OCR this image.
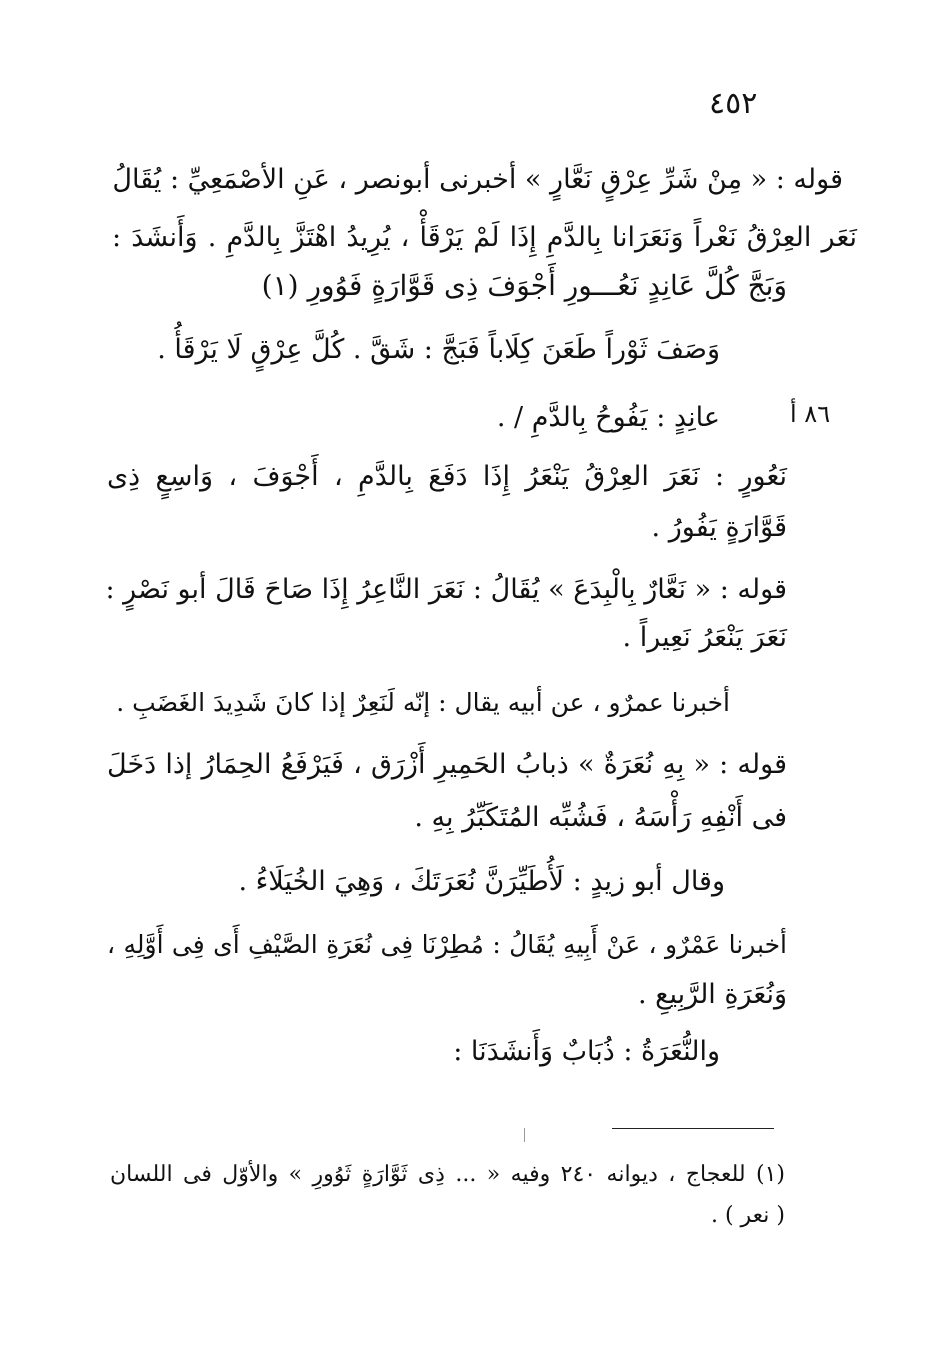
٤٥٢
٨٦ أ
قوله : « مِنْ شَرِّ عِرْقٍ نَعَّارٍ » أخبرنى أبونصر ، عَنِ الأصْمَعِيِّ : يُقَالُ
نَعَر العِرْقُ نَعْراً وَنَعَرَانا بِالدَّمِ إِذَا لَمْ يَرْقَأْ ، يُرِيدُ اهْتَزَّ بِالدَّمِ . وَأَنشَدَ :
وَبَجَّ كُلَّ عَانِدٍ نَعُـــورِ أَجْوَفَ ذِى قَوَّارَةٍ فَوُورِ (١)
وَصَفَ ثَوْراً طَعَنَ كِلَاباً فَبَجَّ : شَقَّ . كُلَّ عِرْقٍ لَا يَرْقَأُ .
عانِدٍ : يَفُوحُ بِالدَّمِ / .
نَعُورٍ : نَعَرَ العِرْقُ يَنْعَرُ إِذَا دَفَعَ بِالدَّمِ ، أَجْوَفَ ، وَاسِعٍ ذِى
قَوَّارَةٍ يَفُورُ .
قوله : « نَعَّارٌ بِالْبِدَعَ » يُقَالُ : نَعَرَ النَّاعِرُ إِذَا صَاحَ قَالَ أبو نَصْرٍ :
نَعَرَ يَنْعَرُ نَعِيراً .
أخبرنا عمرٌو ، عن أبيه يقال : إنّه لَنَعِرٌ إذا كانَ شَدِيدَ الغَضَبِ .
قوله : « بِهِ نُعَرَةٌ » ذبابُ الحَمِيرِ أَزْرَق ، فَيَرْفَعُ الحِمَارُ إذا دَخَلَ
فى أَنْفِهِ رَأْسَهُ ، فَشُبِّه المُتَكَبِّرُ بِهِ .
وقال أبو زيدٍ : لَأُطَيِّرَنَّ نُعَرَتَكَ ، وَهِيَ الخُيَلَاءُ .
أخبرنا عَمْرٌو ، عَنْ أَبِيهِ يُقَالُ : مُطِرْنَا فِى نُعَرَةِ الصَّيْفِ أَى فِى أَوَّلِهِ ،
وَنُعَرَةِ الرَّبِيعِ .
والنُّعَرَةُ : ذُبَابٌ وَأَنشَدَنَا :
(١) للعجاج ، ديوانه ٢٤٠ وفيه « ... ذِى ثَوَّارَةٍ ثَوُورِ » والأوّل فى اللسان
( نعر ) .
